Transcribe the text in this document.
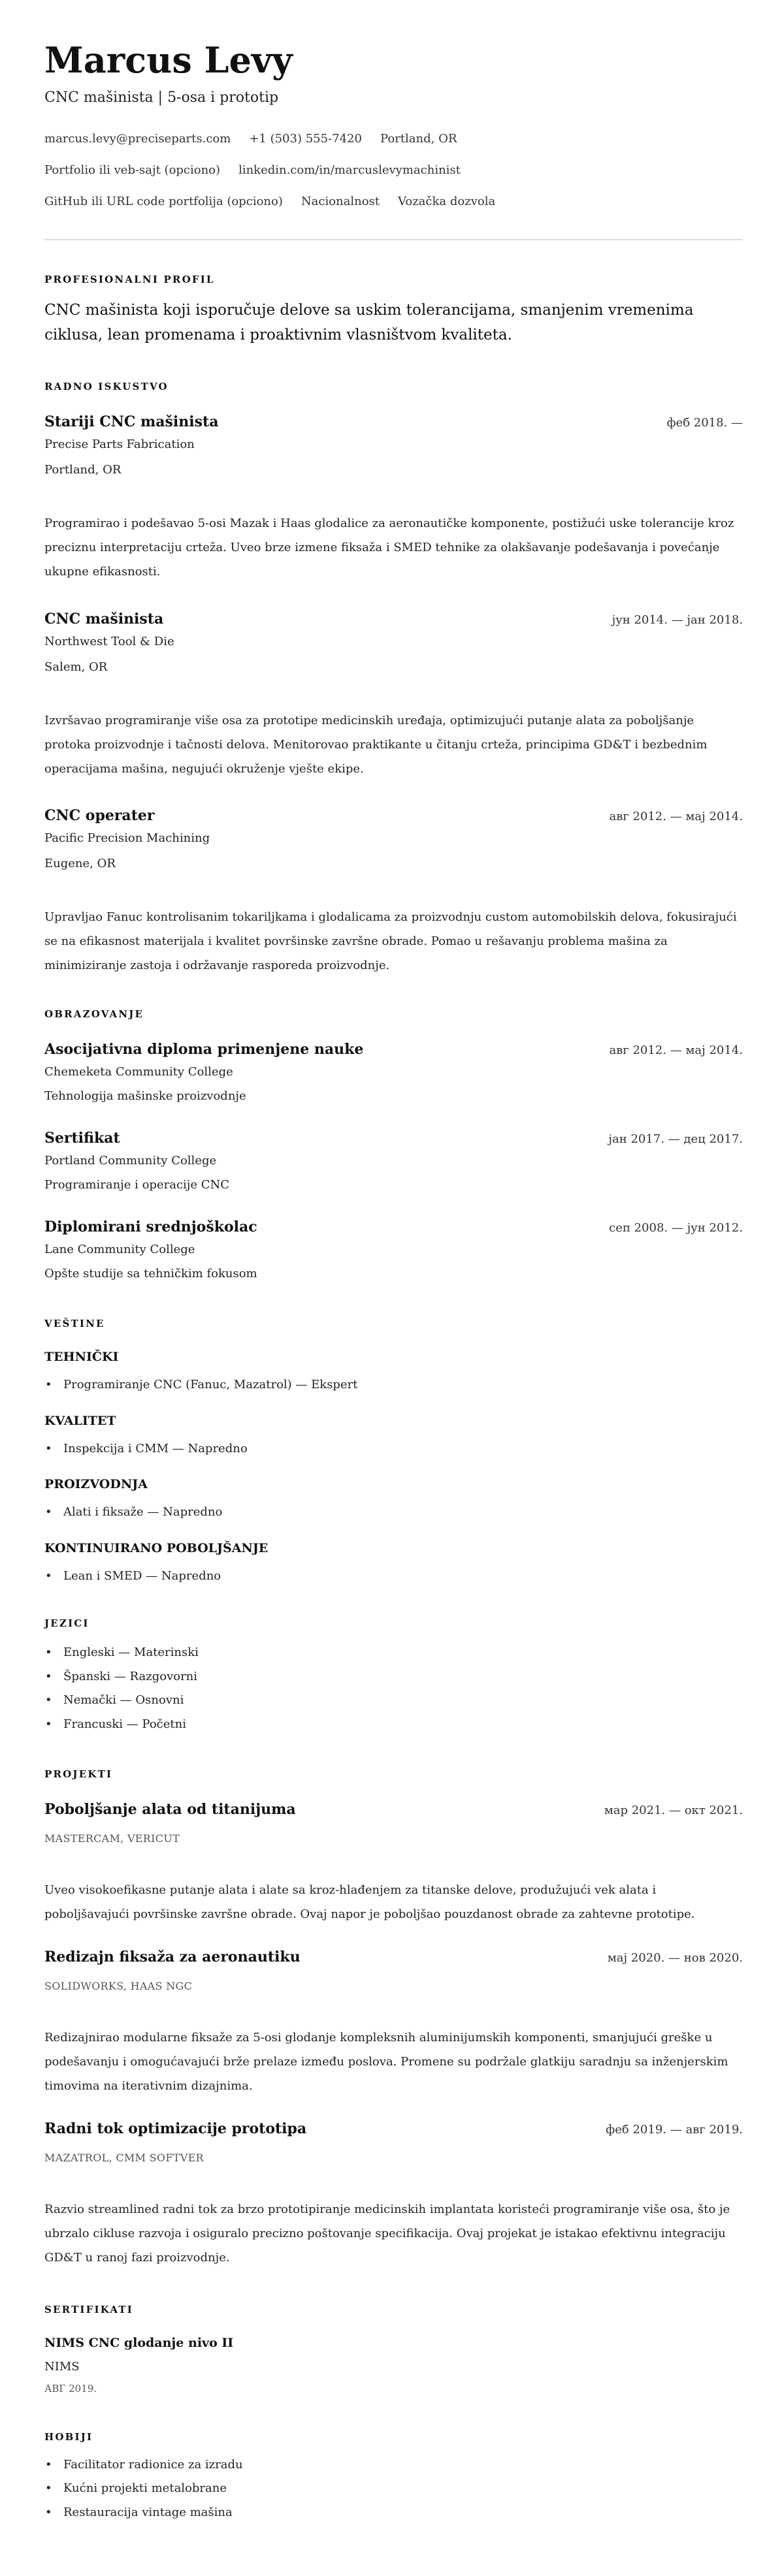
Marcus Levy
CNC mašinista | 5-osa i prototip
marcus.levy@preciseparts.com +1 (503) 555-7420 Portland, OR
Portfolio ili veb-sajt (opciono) linkedin.com/in/marcuslevymachinist
GitHub ili URL code portfolija (opciono) Nacionalnost Vozačka dozvola
PROFESIONALNI PROFIL
CNC mašinista koji isporučuje delove sa uskim tolerancijama, smanjenim vremenima ciklusa, lean promenama i proaktivnim vlasništvom kvaliteta.
RADNO ISKUSTVO
Stariji CNC mašinista	феб 2018. —
Precise Parts Fabrication
Portland, OR
Programirao i podešavao 5-osi Mazak i Haas glodalice za aeronautičke komponente, postižući uske tolerancije kroz preciznu interpretaciju crteža. Uveo brze izmene fiksaža i SMED tehnike za olakšavanje podešavanja i povećanje ukupne efikasnosti.
CNC mašinista	јун 2014. — јан 2018.
Northwest Tool & Die
Salem, OR
Izvršavao programiranje više osa za prototipe medicinskih uređaja, optimizujući putanje alata za poboljšanje protoka proizvodnje i tačnosti delova. Menitorovao praktikante u čitanju crteža, principima GD&T i bezbednim operacijama mašina, negujući okruženje vješte ekipe.
CNC operater	авг 2012. — мај 2014.
Pacific Precision Machining
Eugene, OR
Upravljao Fanuc kontrolisanim tokariljkama i glodalicama za proizvodnju custom automobilskih delova, fokusirajući se na efikasnost materijala i kvalitet površinske završne obrade. Pomao u rešavanju problema mašina za minimiziranje zastoja i održavanje rasporeda proizvodnje.
OBRAZOVANJE
Asocijativna diploma primenjene nauke	авг 2012. — мај 2014.
Chemeketa Community College
Tehnologija mašinske proizvodnje
Sertifikat	јан 2017. — дец 2017.
Portland Community College
Programiranje i operacije CNC
Diplomirani srednjoškolac	сеп 2008. — јун 2012.
Lane Community College
Opšte studije sa tehničkim fokusom
VEŠTINE
TEHNIČKI
• Programiranje CNC (Fanuc, Mazatrol) — Ekspert
KVALITET
• Inspekcija i CMM — Napredno
PROIZVODNJA
• Alati i fiksaže — Napredno
KONTINUIRANO POBOLJŠANJE
• Lean i SMED — Napredno
JEZICI
• Engleski — Materinski
• Španski — Razgovorni
• Nemački — Osnovni
• Francuski — Početni
PROJEKTI
Poboljšanje alata od titanijuma	мар 2021. — окт 2021.
MASTERCAM, VERICUT
Uveo visokoefikasne putanje alata i alate sa kroz-hlađenjem za titanske delove, produžujući vek alata i poboljšavajući površinske završne obrade. Ovaj napor je poboljšao pouzdanost obrade za zahtevne prototipe.
Redizajn fiksaža za aeronautiku	мај 2020. — нов 2020.
SOLIDWORKS, HAAS NGC
Redizajnirao modularne fiksaže za 5-osi glodanje kompleksnih aluminijumskih komponenti, smanjujući greške u podešavanju i omogućavajući brže prelaze između poslova. Promene su podržale glatkiju saradnju sa inženjerskim timovima na iterativnim dizajnima.
Radni tok optimizacije prototipa	феб 2019. — авг 2019.
MAZATROL, CMM SOFTVER
Razvio streamlined radni tok za brzo prototipiranje medicinskih implantata koristeći programiranje više osa, što je ubrzalo cikluse razvoja i osiguralo precizno poštovanje specifikacija. Ovaj projekat je istakao efektivnu integraciju GD&T u ranoj fazi proizvodnje.
SERTIFIKATI
NIMS CNC glodanje nivo II
NIMS
АВГ 2019.
HOBIJI
• Facilitator radionice za izradu
• Kućni projekti metalobrane
• Restauracija vintage mašina
